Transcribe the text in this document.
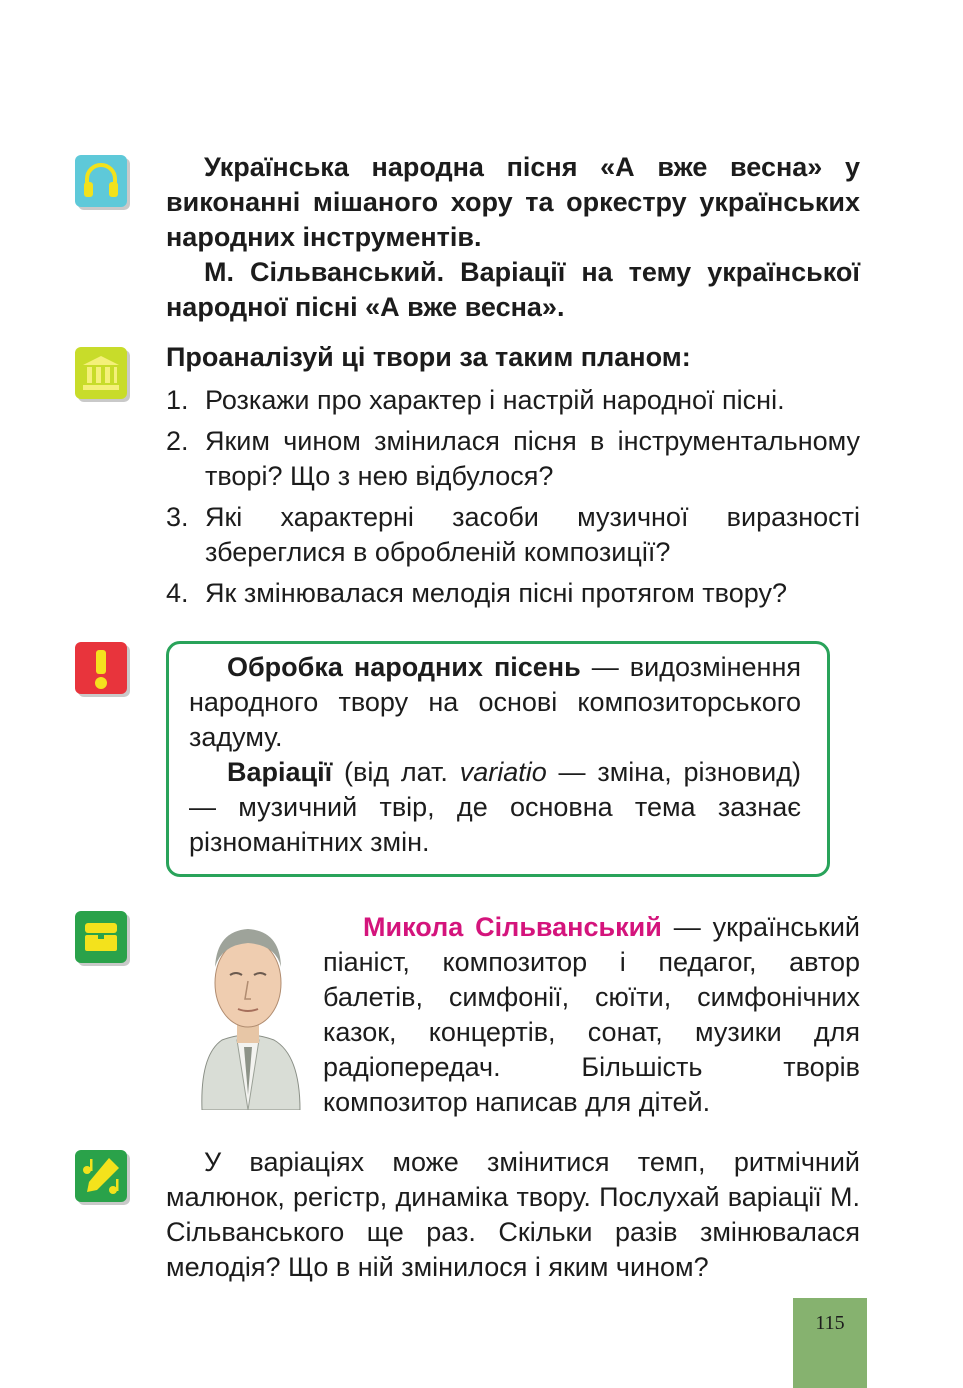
Українська народна пісня «А вже весна» у виконанні мішаного хору та оркестру українських народних інструментів.

М. Сільванський. Варіації на тему української народної пісні «А вже весна».

Проаналізуй ці твори за таким планом:

1. Розкажи про характер і настрій народної пісні.
2. Яким чином змінилася пісня в інструментальному творі? Що з нею відбулося?
3. Які характерні засоби музичної виразності збереглися в обробленій композиції?
4. Як змінювалася мелодія пісні протягом твору?

Обробка народних пісень — видозмінення народного твору на основі композиторського задуму.

Варіації (від лат. variatio — зміна, різновид) — музичний твір, де основна тема зазнає різноманітних змін.

Микола Сільванський — український піаніст, композитор і педагог, автор балетів, симфонії, сюїти, симфонічних казок, концертів, сонат, музики для радіопередач. Більшість творів композитор написав для дітей.
У варіаціях може змінитися темп, ритмічний малюнок, регістр, динаміка твору. Послухай варіації М. Сільванського ще раз. Скільки разів змінювалася мелодія? Що в ній змінилося і яким чином?
115
